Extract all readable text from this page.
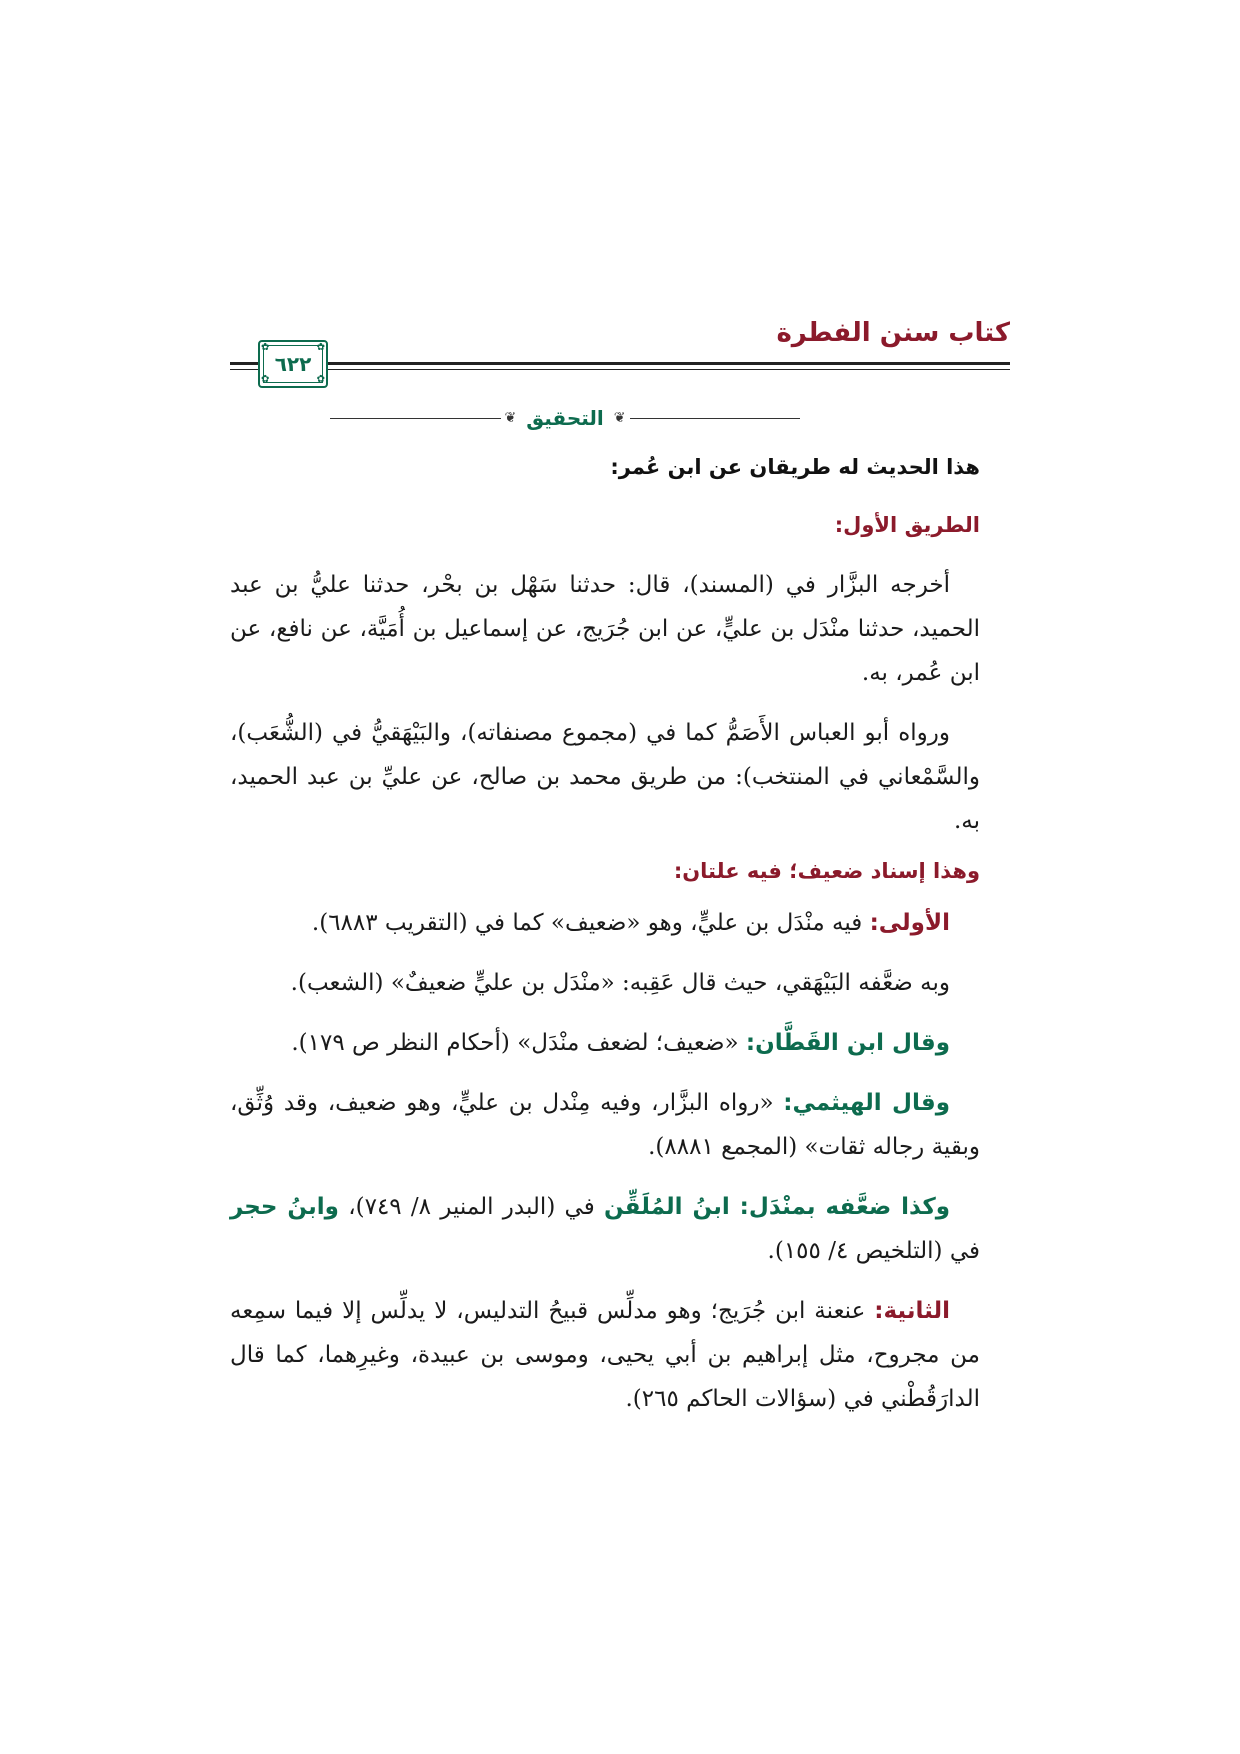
كتاب سنن الفطرة
✿	✿
✿	✿
٦٢٢
❦ التحقيق ❦
هذا الحديث له طريقان عن ابن عُمر:
الطريق الأول:

أخرجه البزَّار في (المسند)، قال: حدثنا سَهْل بن بحْر، حدثنا عليُّ بن عبد الحميد، حدثنا منْدَل بن عليٍّ، عن ابن جُرَيج، عن إسماعيل بن أُمَيَّة، عن نافع، عن ابن عُمر، به.

ورواه أبو العباس الأَصَمُّ كما في (مجموع مصنفاته)، والبَيْهَقيُّ في (الشُّعَب)، والسَّمْعاني في المنتخب): من طريق محمد بن صالح، عن عليِّ بن عبد الحميد، به.

وهذا إسناد ضعيف؛ فيه علتان:

الأولى: فيه منْدَل بن عليٍّ، وهو «ضعيف» كما في (التقريب ٦٨٨٣).

وبه ضعَّفه البَيْهَقي، حيث قال عَقِبه: «منْدَل بن عليٍّ ضعيفٌ» (الشعب).

وقال ابن القَطَّان: «ضعيف؛ لضعف منْدَل» (أحكام النظر ص ١٧٩).

وقال الهيثمي: «رواه البزَّار، وفيه مِنْدل بن عليٍّ، وهو ضعيف، وقد وُثِّق، وبقية رجاله ثقات» (المجمع ٨٨٨١).

وكذا ضعَّفه بمنْدَل: ابنُ المُلَقِّن في (البدر المنير ٨/ ٧٤٩)، وابنُ حجر في (التلخيص ٤/ ١٥٥).

الثانية: عنعنة ابن جُرَيج؛ وهو مدلِّس قبيحُ التدليس، لا يدلِّس إلا فيما سمِعه من مجروح، مثل إبراهيم بن أبي يحيى، وموسى بن عبيدة، وغيرِهما، كما قال الدارَقُطْني في (سؤالات الحاكم ٢٦٥).
